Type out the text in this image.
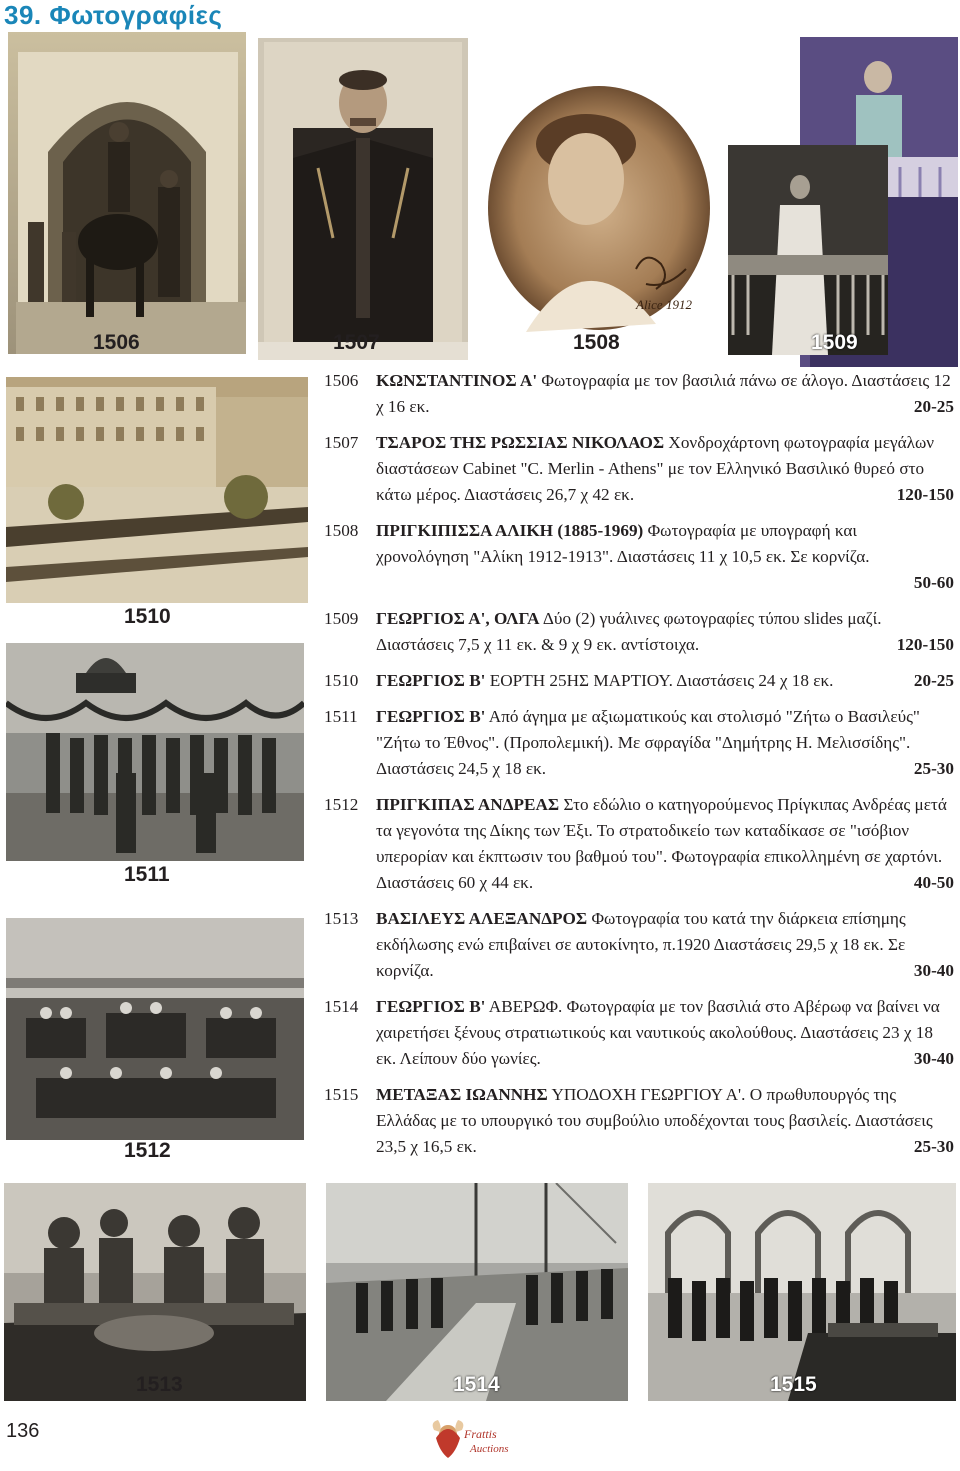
39. Φωτογραφίες
1506	1507
Alice 1912
1508	1509
1510
1511
1512
1513	1514	1515
1506 ΚΩΝΣΤΑΝΤΙΝΟΣ Α' Φωτογραφία με τον βασιλιά πάνω σε άλογο. Διαστάσεις 12 χ 16 εκ.	20-25
1507 ΤΣΑΡΟΣ ΤΗΣ ΡΩΣΣΙΑΣ ΝΙΚΟΛΑΟΣ Χονδροχάρτονη φωτογραφία μεγάλων διαστάσεων Cabinet "C. Merlin - Athens" με τον Ελληνικό Βασιλικό θυρεό στο κάτω μέρος. Διαστάσεις 26,7 χ 42 εκ.	120-150
1508 ΠΡΙΓΚΙΠΙΣΣΑ ΑΛΙΚΗ (1885-1969) Φωτογραφία με υπογραφή και χρονολόγηση "Αλίκη 1912-1913". Διαστάσεις 11 χ 10,5 εκ. Σε κορνίζα.
50-60
1509 ΓΕΩΡΓΙΟΣ Α', ΟΛΓΑ Δύο (2) γυάλινες φωτογραφίες τύπου slides μαζί. Διαστάσεις 7,5 χ 11 εκ. & 9 χ 9 εκ. αντίστοιχα.	120-150
1510 ΓΕΩΡΓΙΟΣ Β' ΕΟΡΤΗ 25ΗΣ ΜΑΡΤΙΟΥ. Διαστάσεις 24 χ 18 εκ.	20-25
1511 ΓΕΩΡΓΙΟΣ Β' Από άγημα με αξιωματικούς και στολισμό "Ζήτω ο Βασιλεύς" "Ζήτω το Έθνος". (Προπολεμική). Με σφραγίδα "Δημήτρης Η. Μελισσίδης". Διαστάσεις 24,5 χ 18 εκ.	25-30
1512 ΠΡΙΓΚΙΠΑΣ ΑΝΔΡΕΑΣ Στο εδώλιο ο κατηγορούμενος Πρίγκιπας Ανδρέας μετά τα γεγονότα της Δίκης των Έξι. Το στρατοδικείο των καταδίκασε σε "ισόβιον υπερορίαν και έκπτωσιν του βαθμού του". Φωτογραφία επικολλημένη σε χαρτόνι. Διαστάσεις 60 χ 44 εκ.	40-50
1513 ΒΑΣΙΛΕΥΣ ΑΛΕΞΑΝΔΡΟΣ Φωτογραφία του κατά την διάρκεια επίσημης εκδήλωσης ενώ επιβαίνει σε αυτοκίνητο, π.1920 Διαστάσεις 29,5 χ 18 εκ. Σε κορνίζα.	30-40
1514 ΓΕΩΡΓΙΟΣ Β' ΑΒΕΡΩΦ. Φωτογραφία με τον βασιλιά στο Αβέρωφ να βαίνει να χαιρετήσει ξένους στρατιωτικούς και ναυτικούς ακολούθους. Διαστάσεις 23 χ 18 εκ. Λείπουν δύο γωνίες.	30-40
1515 ΜΕΤΑΞΑΣ ΙΩΑΝΝΗΣ ΥΠΟΔΟΧΗ ΓΕΩΡΓΙΟΥ Α'. Ο πρωθυπουργός της Ελλάδας με το υπουργικό του συμβούλιο υποδέχονται τους βασιλείς. Διαστάσεις 23,5 χ 16,5 εκ.	25-30
136	Frattis
Auctions
